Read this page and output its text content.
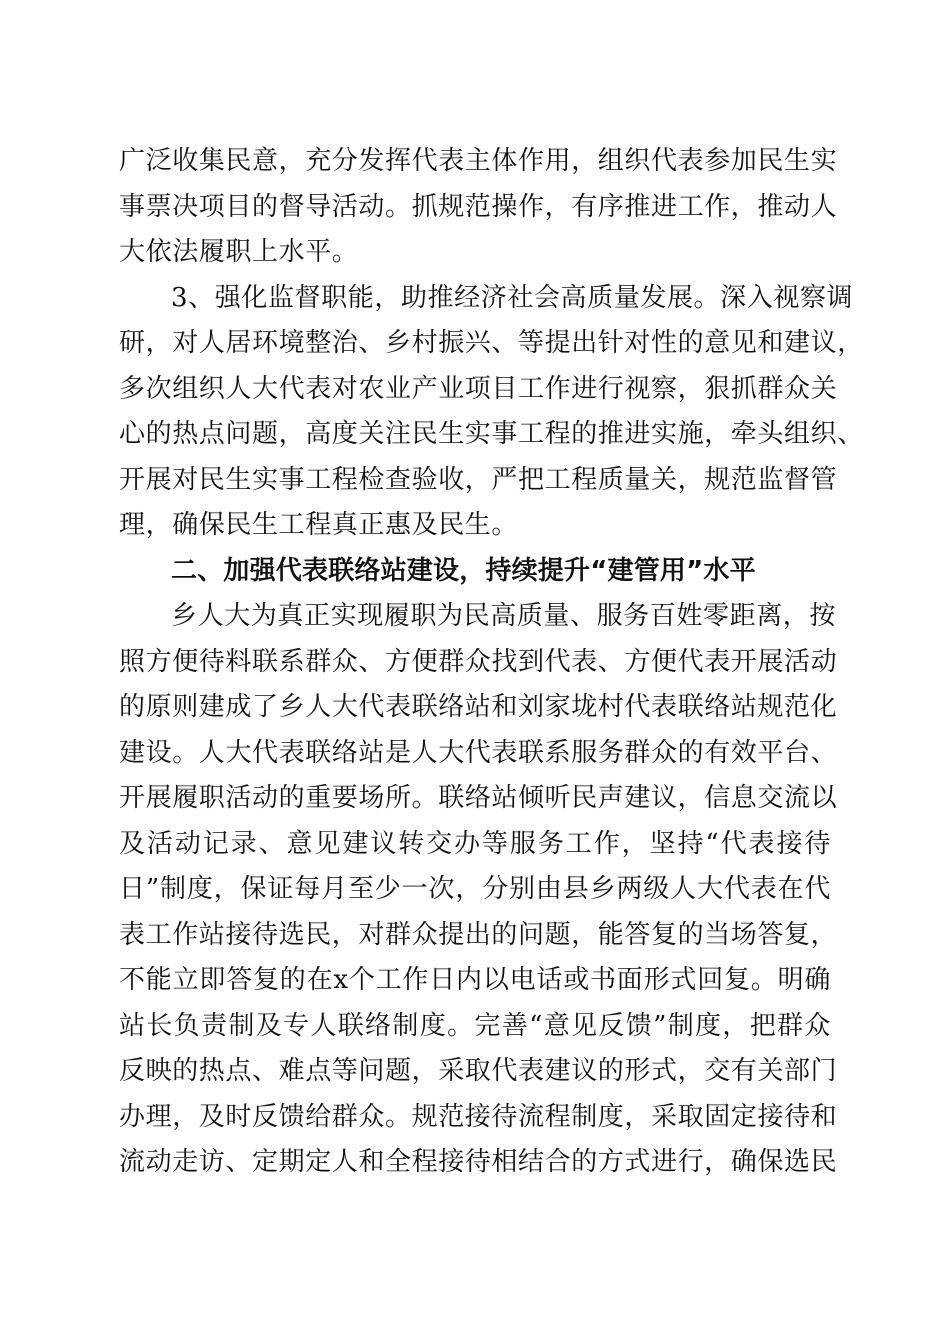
广泛收集民意，充分发挥代表主体作用，组织代表参加民生实
事票决项目的督导活动。抓规范操作，有序推进工作，推动人
大依法履职上水平。
3、强化监督职能，助推经济社会高质量发展。深入视察调
研，对人居环境整治、乡村振兴、等提出针对性的意见和建议，
多次组织人大代表对农业产业项目工作进行视察，狠抓群众关
心的热点问题，高度关注民生实事工程的推进实施，牵头组织、
开展对民生实事工程检查验收，严把工程质量关，规范监督管
理，确保民生工程真正惠及民生。
二、加强代表联络站建设，持续提升“建管用”水平
乡人大为真正实现履职为民高质量、服务百姓零距离，按
照方便待料联系群众、方便群众找到代表、方便代表开展活动
的原则建成了乡人大代表联络站和刘家垅村代表联络站规范化
建设。人大代表联络站是人大代表联系服务群众的有效平台、
开展履职活动的重要场所。联络站倾听民声建议，信息交流以
及活动记录、意见建议转交办等服务工作，坚持“代表接待
日”制度，保证每月至少一次，分别由县乡两级人大代表在代
表工作站接待选民，对群众提出的问题，能答复的当场答复，
不能立即答复的在x个工作日内以电话或书面形式回复。明确
站长负责制及专人联络制度。完善“意见反馈”制度，把群众
反映的热点、难点等问题，采取代表建议的形式，交有关部门
办理，及时反馈给群众。规范接待流程制度，采取固定接待和
流动走访、定期定人和全程接待相结合的方式进行，确保选民
